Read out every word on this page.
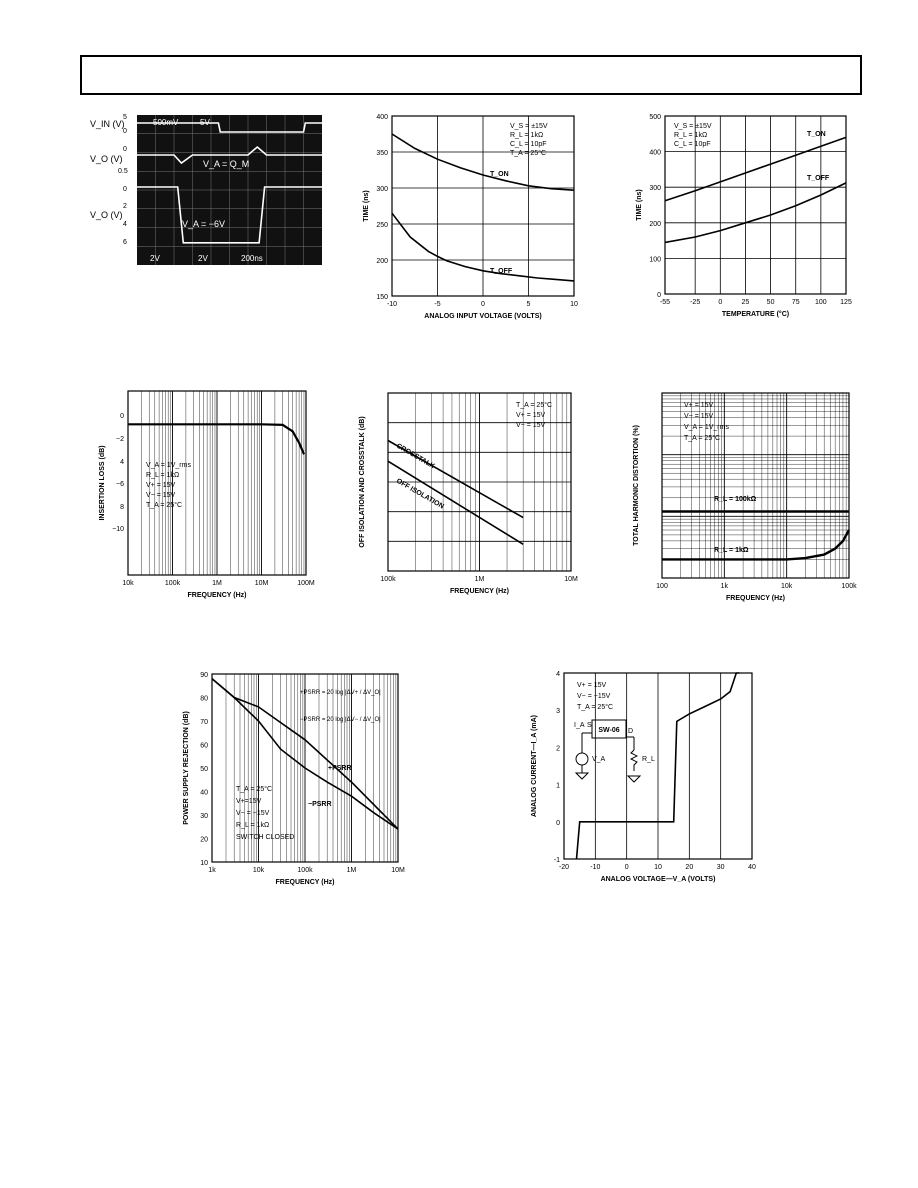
V_IN (V)
V_O (V)
V_O (V)
5
0
0
0.5
0
2
4
6
500mV	5V
V_A = Q_M
V_A = −6V
2V	2V	200ns
-10	-5	0	5	10
150
200
250
300
350
400
ANALOG INPUT VOLTAGE (VOLTS)
TIME (ns)
T_ON
T_OFF
V_S = ±15V
R_L = 1kΩ
C_L = 10pF
T_A = 25°C
-55	-25	0	25 50 75 100 125
0
100
200
300
400
500
TEMPERATURE (°C)
TIME (ns)
T_ON
T_OFF
V_S = ±15V
R_L = 1kΩ
C_L = 10pF
10k	100k	1M	10M	100M
0
−2
4
−6
8
−10
FREQUENCY (Hz)
INSERTION LOSS (dB)	V_A = 1V_rms
R_L = 1kΩ
V+ = 15V
V− = 15V
T_A = 25°C
100k	1M	10M
FREQUENCY (Hz)
OFF ISOLATION AND CROSSTALK (dB)	CROSSTALK
OFF ISOLATION
T_A = 25°C
V+ = 15V
V− = 15V
100	1k	10k	100k
FREQUENCY (Hz)
TOTAL HARMONIC DISTORTION (%)	R_L = 100kΩ
R_L = 1kΩ
V+ = 15V
V− = 15V
V_A = 1V_rms
T_A = 25°C
1k	10k	100k	1M	10M
10
20
30
40
50
60
70
80
90
FREQUENCY (Hz)
POWER SUPPLY REJECTION (dB)	+PSRR
−PSRR
T_A = 25°C
V+=15V
V− = −15V
R_L = 1kΩ
SWITCH CLOSED
+PSRR = 20 log |ΔV+ / ΔV_O|
−PSRR = 20 log |ΔV− / ΔV_O|
-20	-10	0	10	20	30	40
-1
0
1
2
3
4
ANALOG VOLTAGE—V_A (VOLTS)
ANALOG CURRENT—I_A (mA)
V+ = 15V
V− = −15V
T_A = 25°C
SW-06
S
D
I_A
V_A	R_L
